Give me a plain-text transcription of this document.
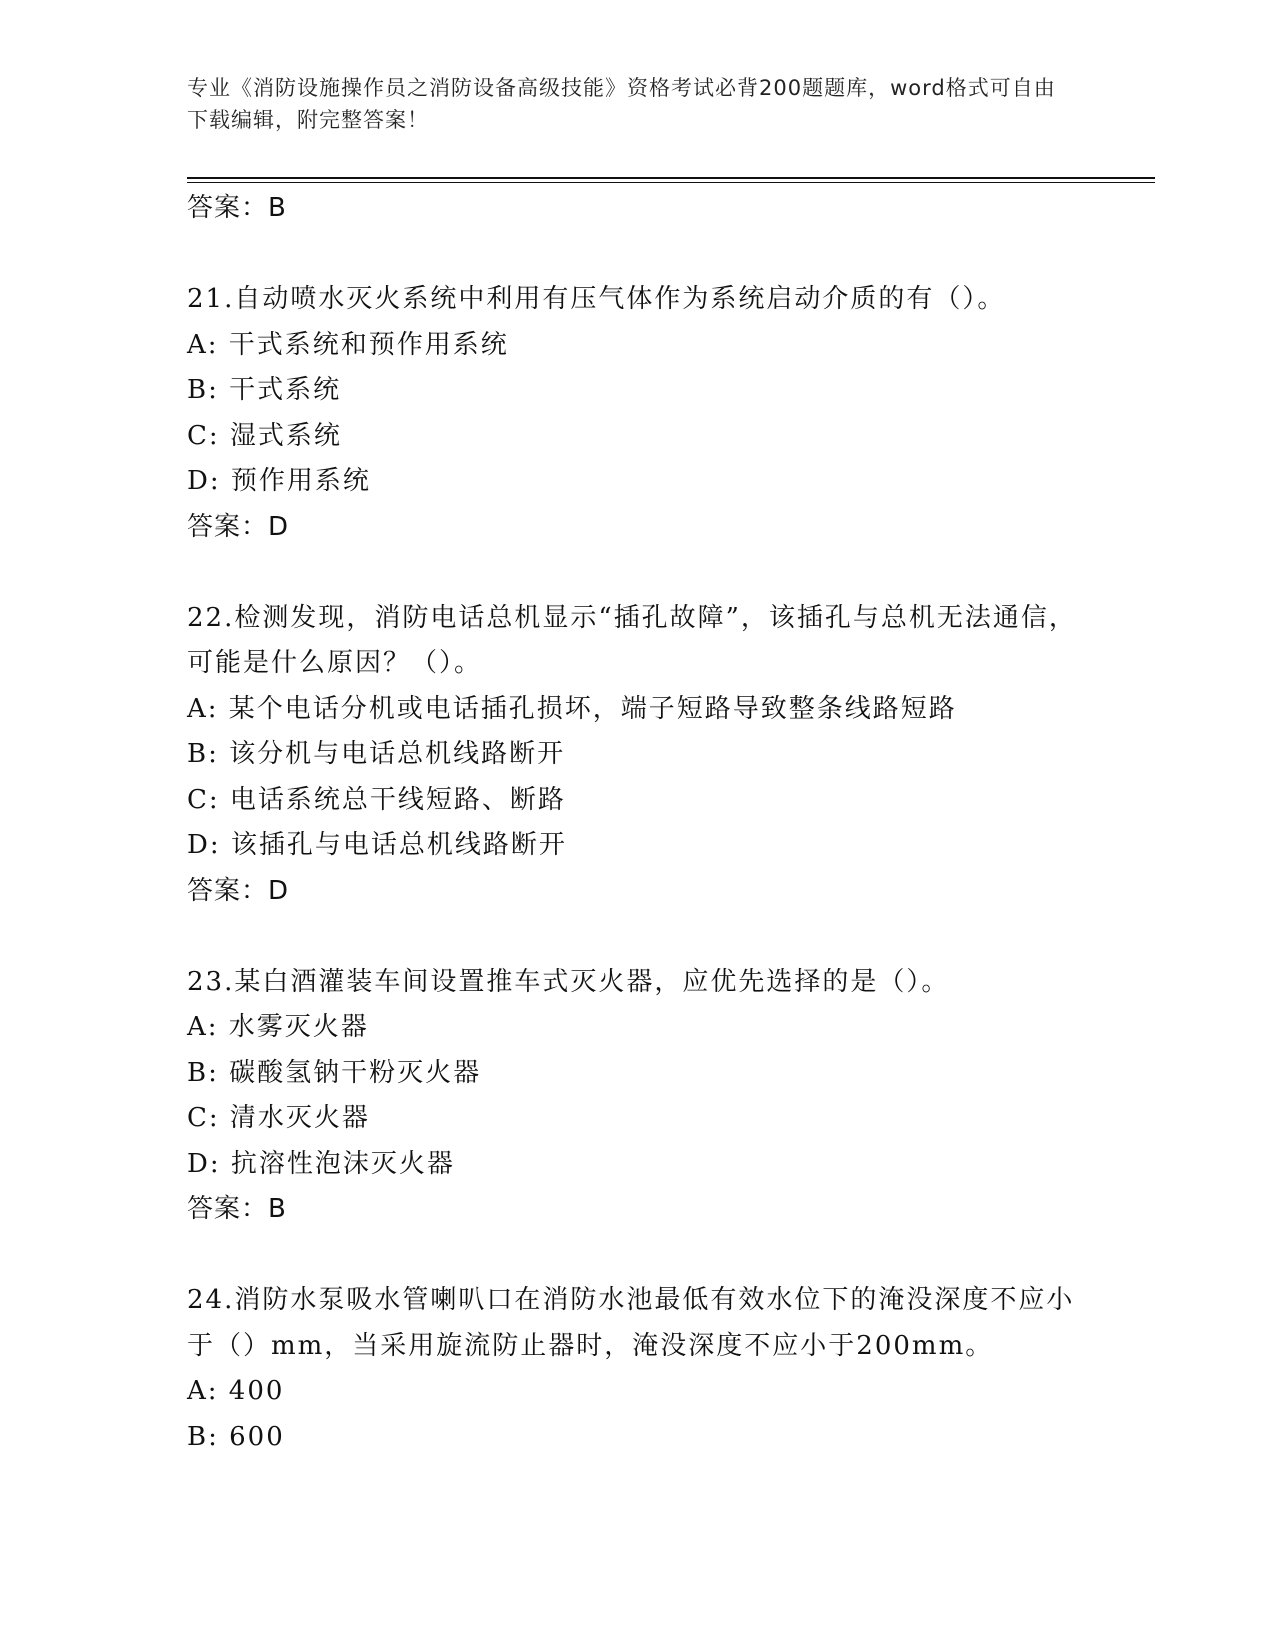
专业《消防设施操作员之消防设备高级技能》资格考试必背200题题库，word格式可自由下载编辑，附完整答案！

答案：B
21.自动喷水灭火系统中利用有压气体作为系统启动介质的有（）。
A: 干式系统和预作用系统
B: 干式系统
C: 湿式系统
D: 预作用系统
答案：D
22.检测发现，消防电话总机显示“插孔故障”，该插孔与总机无法通信，可能是什么原因？（）。
A: 某个电话分机或电话插孔损坏，端子短路导致整条线路短路
B: 该分机与电话总机线路断开
C: 电话系统总干线短路、断路
D: 该插孔与电话总机线路断开
答案：D
23.某白酒灌装车间设置推车式灭火器，应优先选择的是（）。
A: 水雾灭火器
B: 碳酸氢钠干粉灭火器
C: 清水灭火器
D: 抗溶性泡沫灭火器
答案：B
24.消防水泵吸水管喇叭口在消防水池最低有效水位下的淹没深度不应小于（）mm，当采用旋流防止器时，淹没深度不应小于200mm。
A: 400
B: 600
